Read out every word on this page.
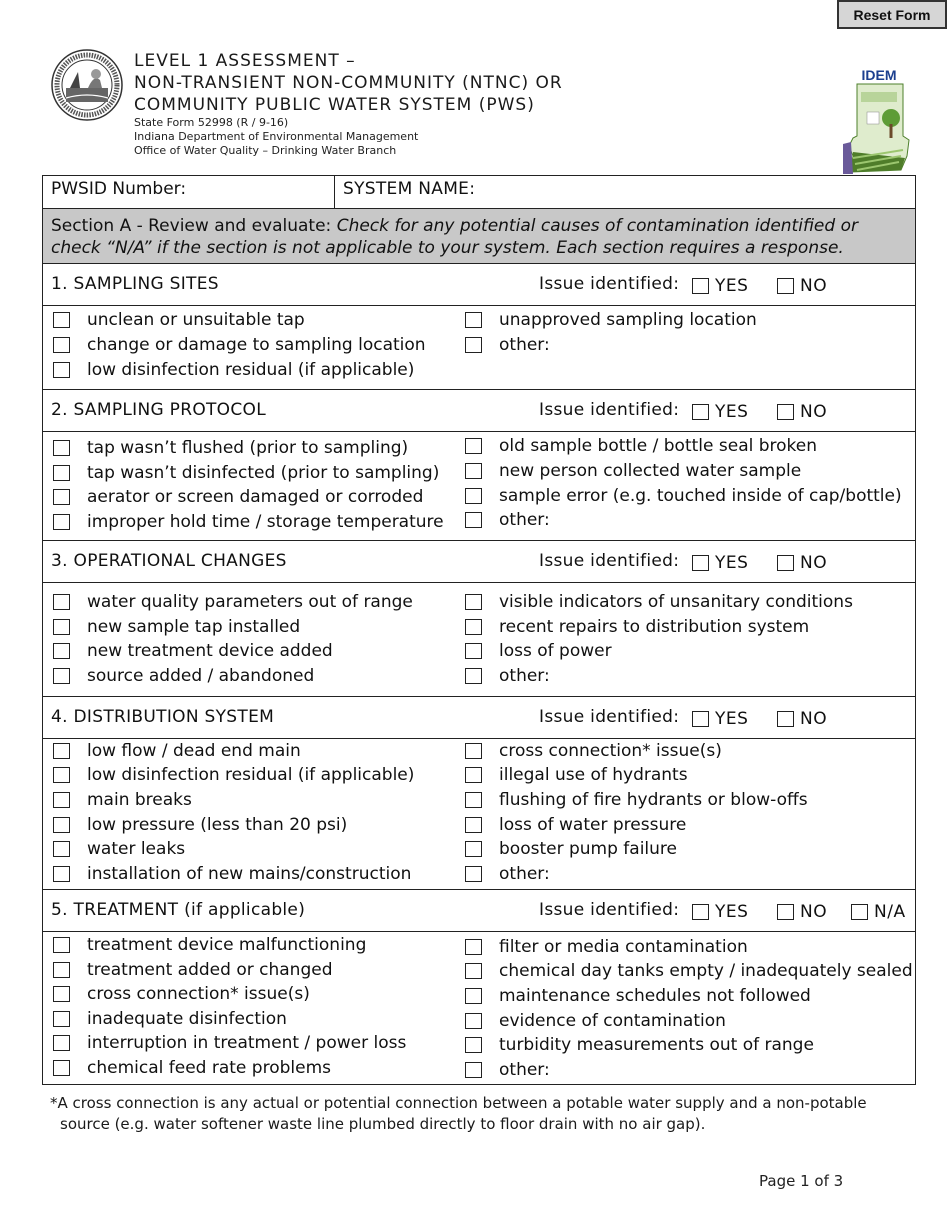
Reset Form
LEVEL 1 ASSESSMENT –
NON-TRANSIENT NON-COMMUNITY (NTNC) OR
COMMUNITY PUBLIC WATER SYSTEM (PWS)
State Form 52998 (R / 9-16)
Indiana Department of Environmental Management
Office of Water Quality – Drinking Water Branch
IDEM
PWSID Number:	SYSTEM NAME:
Section A - Review and evaluate: Check for any potential causes of contamination identified or check “N/A” if the section is not applicable to your system. Each section requires a response.
1. SAMPLING SITES	Issue identified: YES	NO
unclean or unsuitable tap
change or damage to sampling location
low disinfection residual (if applicable)
unapproved sampling location
other:
2. SAMPLING PROTOCOL	Issue identified: YES	NO
tap wasn’t flushed (prior to sampling)
tap wasn’t disinfected (prior to sampling)
aerator or screen damaged or corroded
improper hold time / storage temperature
old sample bottle / bottle seal broken
new person collected water sample
sample error (e.g. touched inside of cap/bottle)
other:
3. OPERATIONAL CHANGES	Issue identified: YES	NO
water quality parameters out of range
new sample tap installed
new treatment device added
source added / abandoned
visible indicators of unsanitary conditions
recent repairs to distribution system
loss of power
other:
4. DISTRIBUTION SYSTEM	Issue identified: YES	NO
low flow / dead end main
low disinfection residual (if applicable)
main breaks
low pressure (less than 20 psi)
water leaks
installation of new mains/construction
cross connection* issue(s)
illegal use of hydrants
flushing of fire hydrants or blow-offs
loss of water pressure
booster pump failure
other:
5. TREATMENT (if applicable)	Issue identified: YES	NO	N/A
treatment device malfunctioning
treatment added or changed
cross connection* issue(s)
inadequate disinfection
interruption in treatment / power loss
chemical feed rate problems
filter or media contamination
chemical day tanks empty / inadequately sealed
maintenance schedules not followed
evidence of contamination
turbidity measurements out of range
other:
*A cross connection is any actual or potential connection between a potable water supply and a non-potable
source (e.g. water softener waste line plumbed directly to floor drain with no air gap).
Page 1 of 3
